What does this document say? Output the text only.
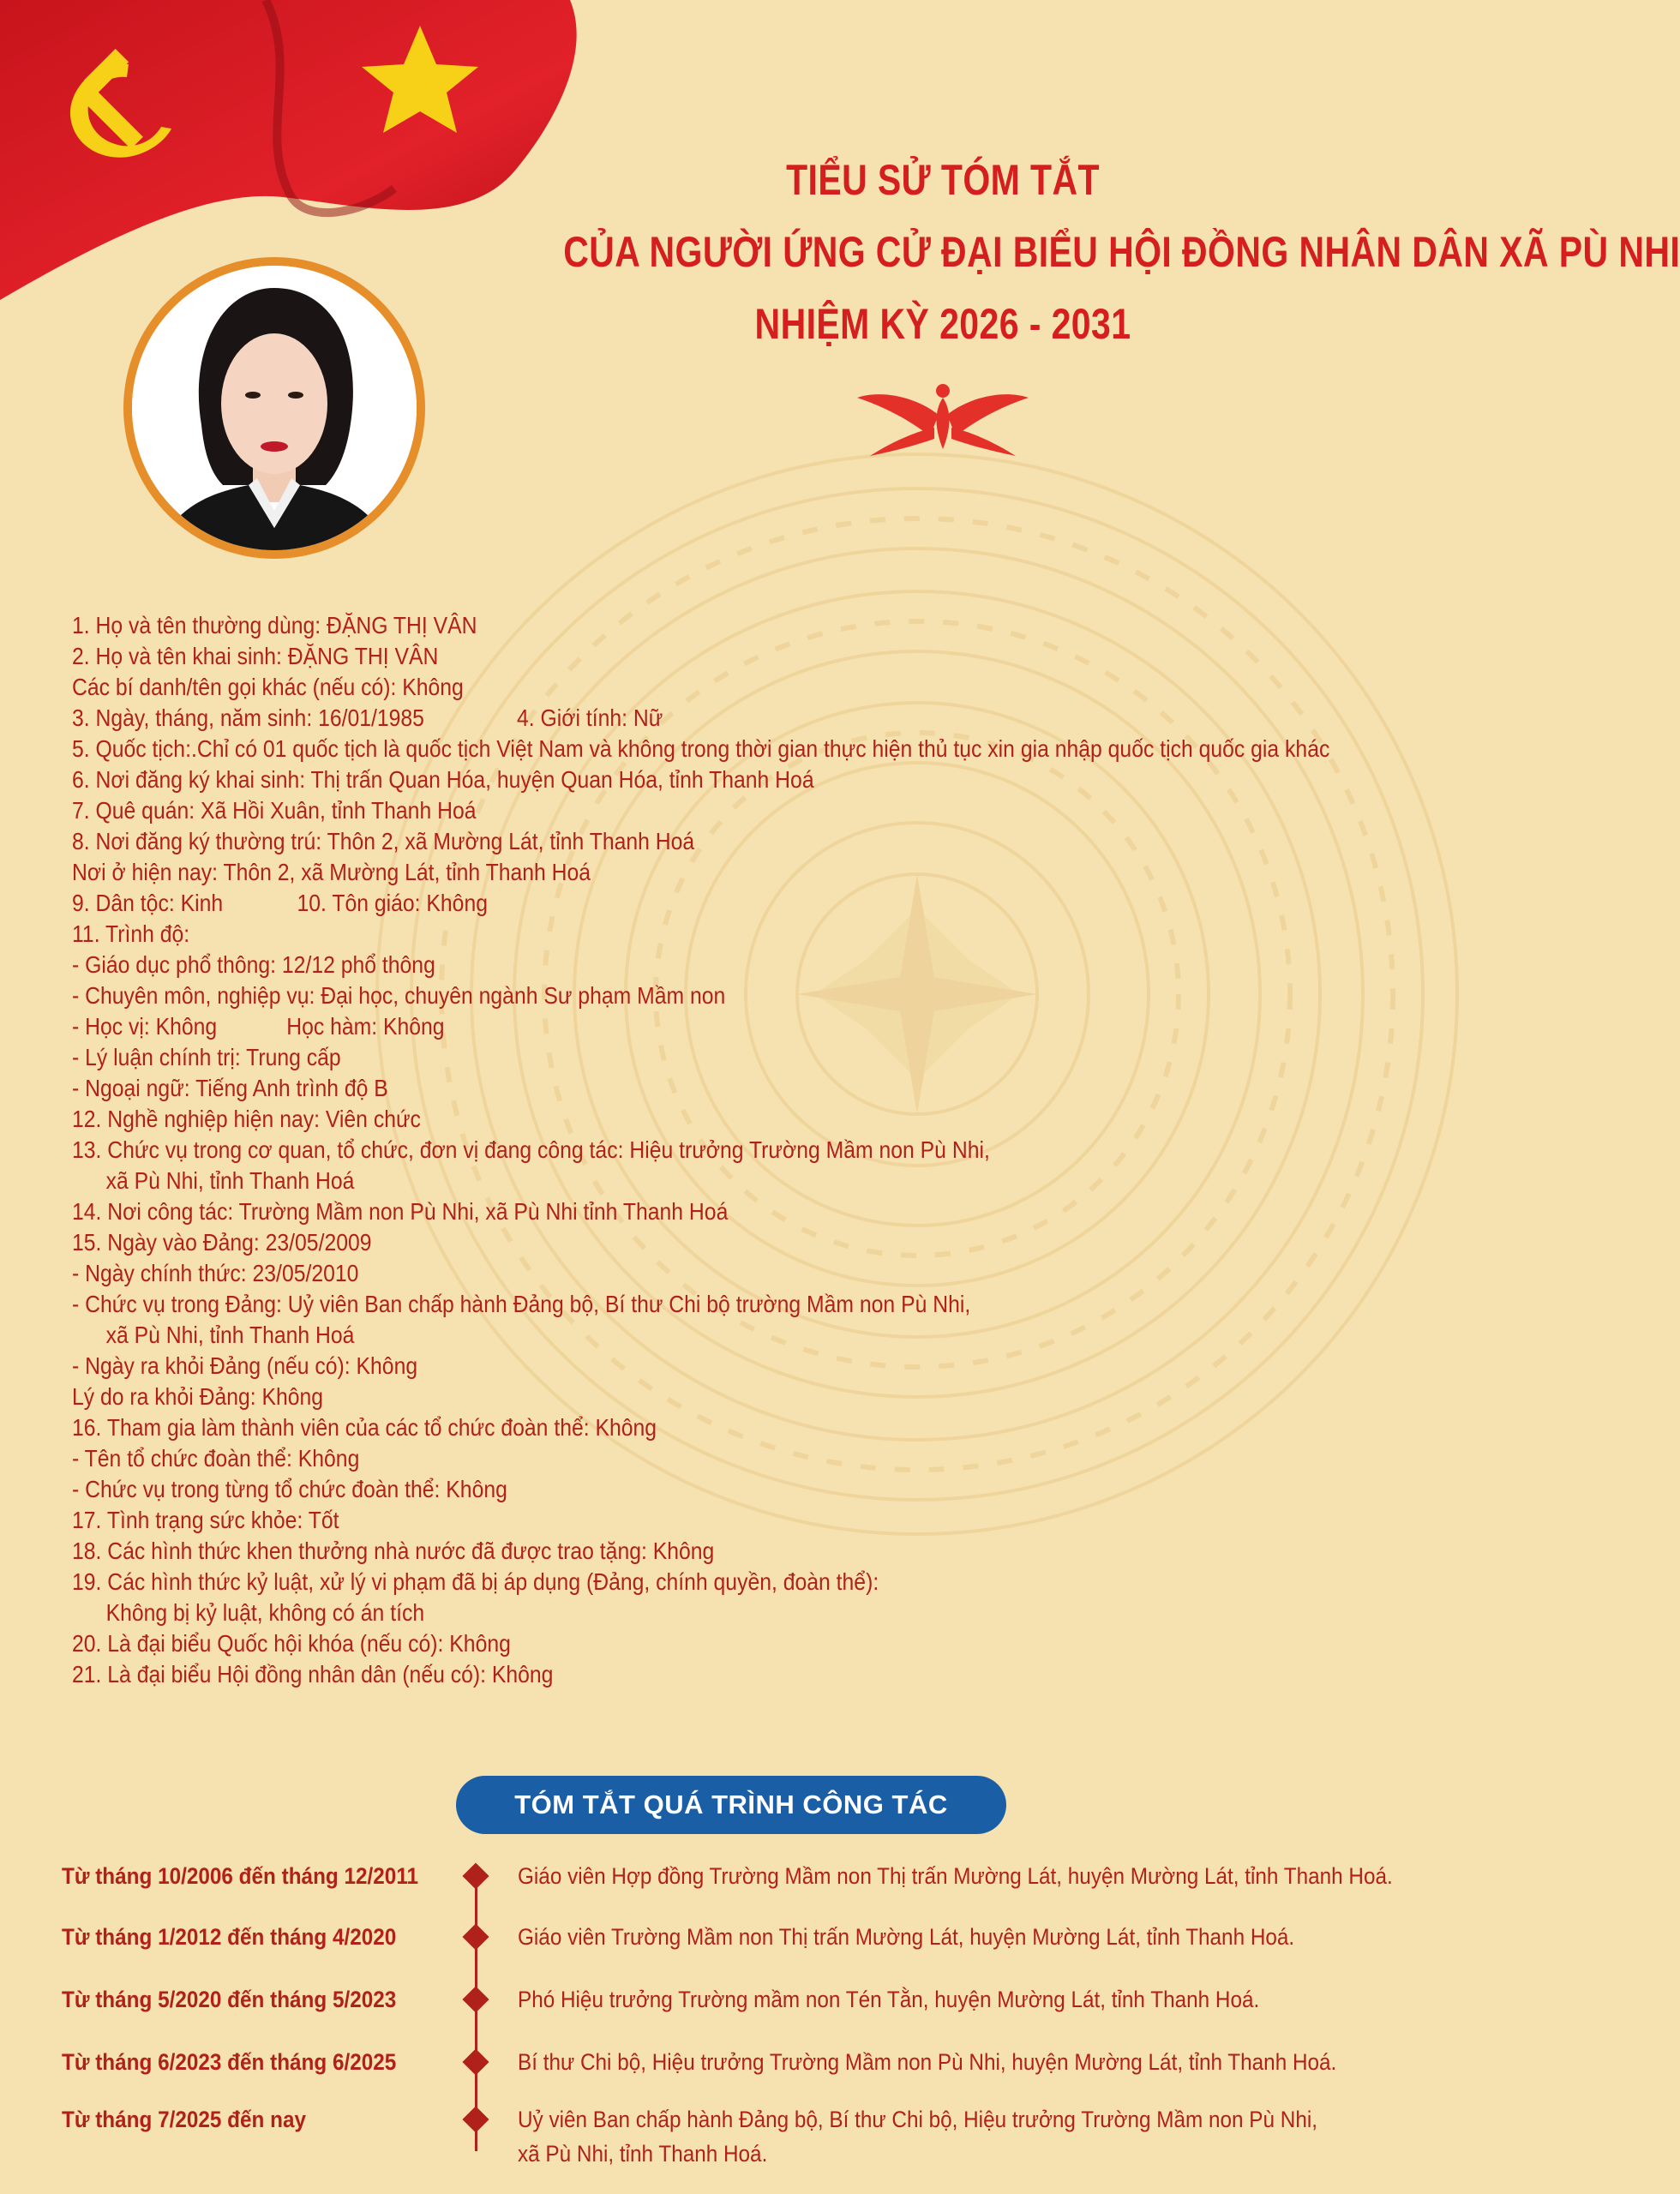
TIỂU SỬ TÓM TẮT
CỦA NGƯỜI ỨNG CỬ ĐẠI BIỂU HỘI ĐỒNG NHÂN DÂN XÃ PÙ NHI
NHIỆM KỲ 2026 - 2031
1. Họ và tên thường dùng: ĐẶNG THỊ VÂN
2. Họ và tên khai sinh: ĐẶNG THỊ VÂN
Các bí danh/tên gọi khác (nếu có): Không
3. Ngày, tháng, năm sinh: 16/01/1985	4. Giới tính: Nữ
5. Quốc tịch:.Chỉ có 01 quốc tịch là quốc tịch Việt Nam và không trong thời gian thực hiện thủ tục xin gia nhập quốc tịch quốc gia khác
6. Nơi đăng ký khai sinh: Thị trấn Quan Hóa, huyện Quan Hóa, tỉnh Thanh Hoá
7. Quê quán: Xã Hồi Xuân, tỉnh Thanh Hoá
8. Nơi đăng ký thường trú: Thôn 2, xã Mường Lát, tỉnh Thanh Hoá
Nơi ở hiện nay: Thôn 2, xã Mường Lát, tỉnh Thanh Hoá
9. Dân tộc: Kinh	10. Tôn giáo: Không
11. Trình độ:
- Giáo dục phổ thông: 12/12 phổ thông
- Chuyên môn, nghiệp vụ: Đại học, chuyên ngành Sư phạm Mầm non
- Học vị: Không	Học hàm: Không
- Lý luận chính trị: Trung cấp
- Ngoại ngữ: Tiếng Anh trình độ B
12. Nghề nghiệp hiện nay: Viên chức
13. Chức vụ trong cơ quan, tổ chức, đơn vị đang công tác: Hiệu trưởng Trường Mầm non Pù Nhi,
xã Pù Nhi, tỉnh Thanh Hoá
14. Nơi công tác: Trường Mầm non Pù Nhi, xã Pù Nhi tỉnh Thanh Hoá
15. Ngày vào Đảng: 23/05/2009
- Ngày chính thức: 23/05/2010
- Chức vụ trong Đảng: Uỷ viên Ban chấp hành Đảng bộ, Bí thư Chi bộ trường Mầm non Pù Nhi,
xã Pù Nhi, tỉnh Thanh Hoá
- Ngày ra khỏi Đảng (nếu có): Không
Lý do ra khỏi Đảng: Không
16. Tham gia làm thành viên của các tổ chức đoàn thể: Không
- Tên tổ chức đoàn thể: Không
- Chức vụ trong từng tổ chức đoàn thể: Không
17. Tình trạng sức khỏe: Tốt
18. Các hình thức khen thưởng nhà nước đã được trao tặng: Không
19. Các hình thức kỷ luật, xử lý vi phạm đã bị áp dụng (Đảng, chính quyền, đoàn thể):
Không bị kỷ luật, không có án tích
20. Là đại biểu Quốc hội khóa (nếu có): Không
21. Là đại biểu Hội đồng nhân dân (nếu có): Không
TÓM TẮT QUÁ TRÌNH CÔNG TÁC
Từ tháng 10/2006 đến tháng 12/2011	Giáo viên Hợp đồng Trường Mầm non Thị trấn Mường Lát, huyện Mường Lát, tỉnh Thanh Hoá.
Từ tháng 1/2012 đến tháng 4/2020	Giáo viên Trường Mầm non Thị trấn Mường Lát, huyện Mường Lát, tỉnh Thanh Hoá.
Từ tháng 5/2020 đến tháng 5/2023	Phó Hiệu trưởng Trường mầm non Tén Tằn, huyện Mường Lát, tỉnh Thanh Hoá.
Từ tháng 6/2023 đến tháng 6/2025	Bí thư Chi bộ, Hiệu trưởng Trường Mầm non Pù Nhi, huyện Mường Lát, tỉnh Thanh Hoá.
Từ tháng 7/2025 đến nay	Uỷ viên Ban chấp hành Đảng bộ, Bí thư Chi bộ, Hiệu trưởng Trường Mầm non Pù Nhi,
xã Pù Nhi, tỉnh Thanh Hoá.
